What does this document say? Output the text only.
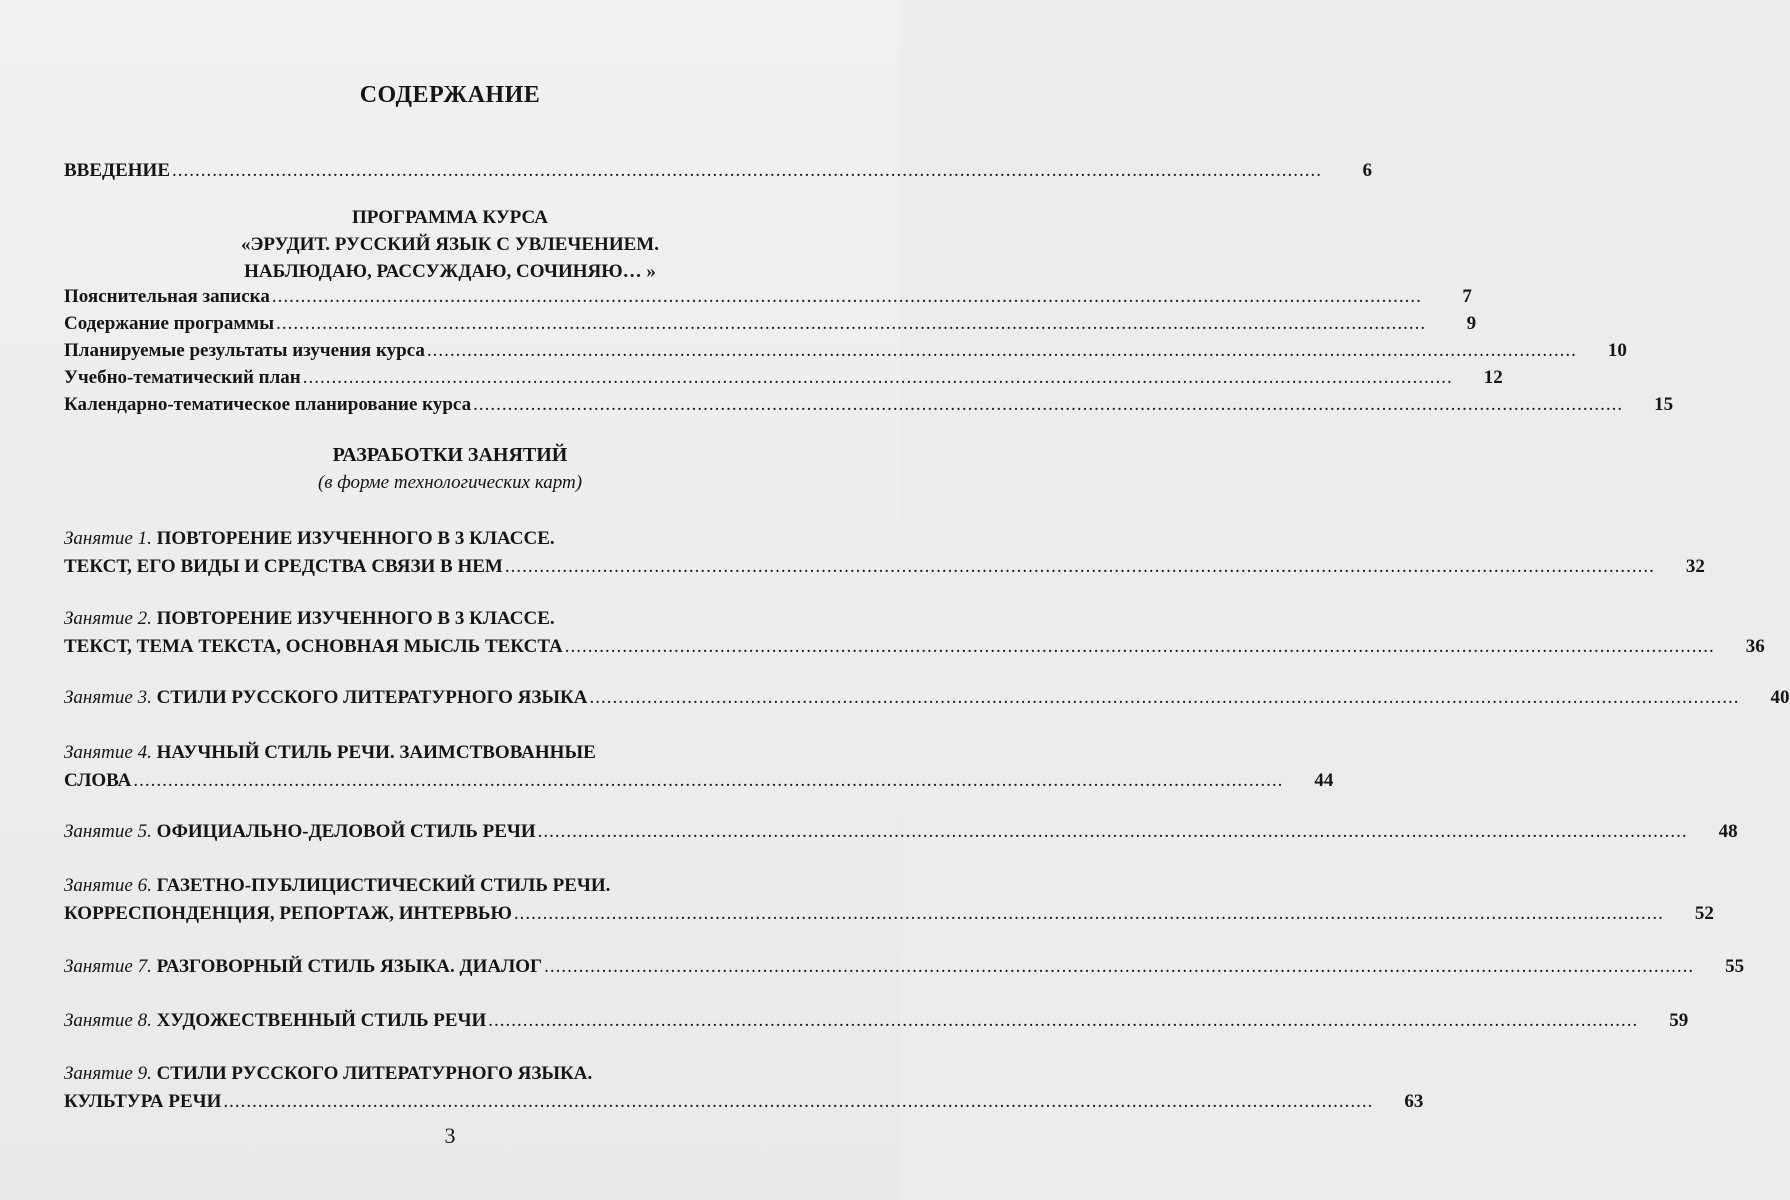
СОДЕРЖАНИЕ
ВВЕДЕНИЕ ........................................................................................................................................................................................................	6
ПРОГРАММА КУРСА
«ЭРУДИТ. РУССКИЙ ЯЗЫК С УВЛЕЧЕНИЕМ.
НАБЛЮДАЮ, РАССУЖДАЮ, СОЧИНЯЮ… »
Пояснительная записка ........................................................................................................................................................................................................	7
Содержание программы ........................................................................................................................................................................................................	9
Планируемые результаты изучения курса ........................................................................................................................................................................................................	10
Учебно-тематический план ........................................................................................................................................................................................................	12
Календарно-тематическое планирование курса ........................................................................................................................................................................................................	15
РАЗРАБОТКИ ЗАНЯТИЙ
(в форме технологических карт)
Занятие 1. ПОВТОРЕНИЕ ИЗУЧЕННОГО В 3 КЛАССЕ.
ТЕКСТ, ЕГО ВИДЫ И СРЕДСТВА СВЯЗИ В НЕМ ........................................................................................................................................................................................................	32
Занятие 2. ПОВТОРЕНИЕ ИЗУЧЕННОГО В 3 КЛАССЕ.
ТЕКСТ, ТЕМА ТЕКСТА, ОСНОВНАЯ МЫСЛЬ ТЕКСТА ........................................................................................................................................................................................................	36
Занятие 3. СТИЛИ РУССКОГО ЛИТЕРАТУРНОГО ЯЗЫКА ........................................................................................................................................................................................................	40
Занятие 4. НАУЧНЫЙ СТИЛЬ РЕЧИ. ЗАИМСТВОВАННЫЕ
СЛОВА ........................................................................................................................................................................................................	44
Занятие 5. ОФИЦИАЛЬНО-ДЕЛОВОЙ СТИЛЬ РЕЧИ ........................................................................................................................................................................................................	48
Занятие 6. ГАЗЕТНО-ПУБЛИЦИСТИЧЕСКИЙ СТИЛЬ РЕЧИ.
КОРРЕСПОНДЕНЦИЯ, РЕПОРТАЖ, ИНТЕРВЬЮ ........................................................................................................................................................................................................	52
Занятие 7. РАЗГОВОРНЫЙ СТИЛЬ ЯЗЫКА. ДИАЛОГ ........................................................................................................................................................................................................	55
Занятие 8. ХУДОЖЕСТВЕННЫЙ СТИЛЬ РЕЧИ ........................................................................................................................................................................................................	59
Занятие 9. СТИЛИ РУССКОГО ЛИТЕРАТУРНОГО ЯЗЫКА.
КУЛЬТУРА РЕЧИ ........................................................................................................................................................................................................	63
3
